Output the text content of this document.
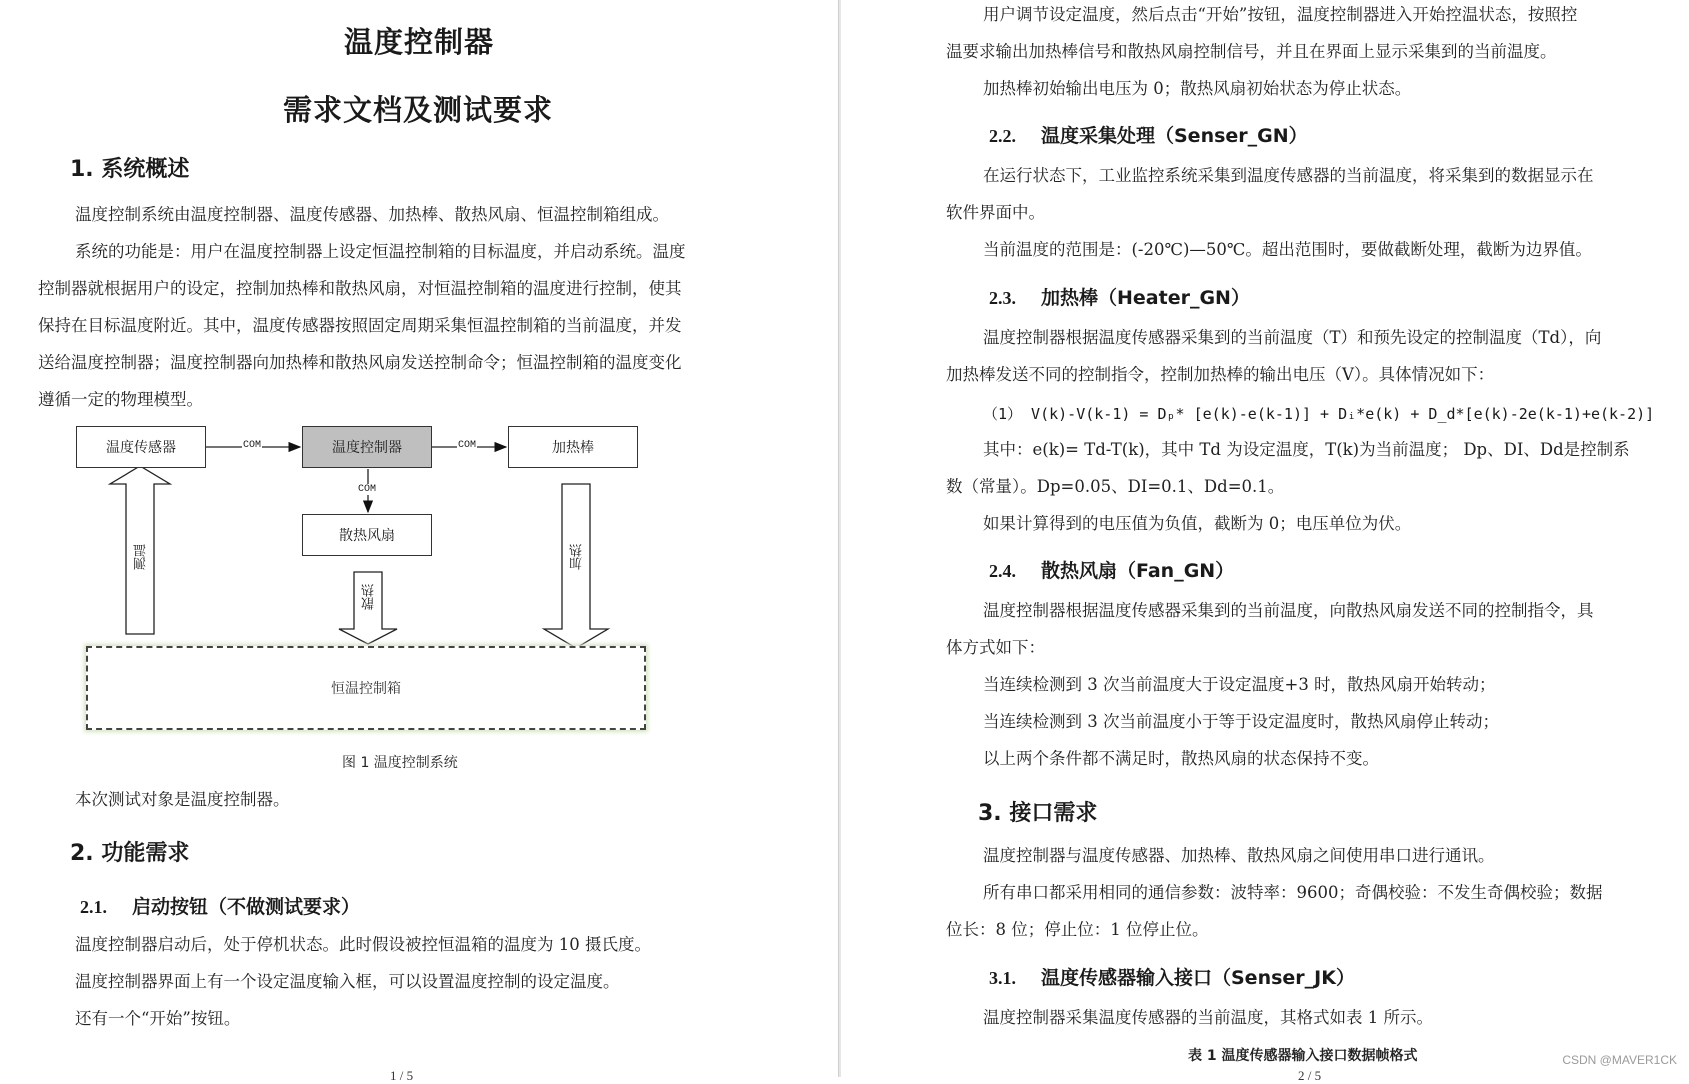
温度控制器
需求文档及测试要求
1. 系统概述
温度控制系统由温度控制器、温度传感器、加热棒、散热风扇、恒温控制箱组成。
系统的功能是：用户在温度控制器上设定恒温控制箱的目标温度，并启动系统。温度
控制器就根据用户的设定，控制加热棒和散热风扇，对恒温控制箱的温度进行控制，使其
保持在目标温度附近。其中，温度传感器按照固定周期采集恒温控制箱的当前温度，并发
送给温度控制器；温度控制器向加热棒和散热风扇发送控制命令；恒温控制箱的温度变化
遵循一定的物理模型。
温度传感器	温度控制器	加热棒
散热风扇
恒温控制箱
COM	COM
COM
测温
散热
加热
图 1 温度控制系统
本次测试对象是温度控制器。
2. 功能需求
2.1. 启动按钮（不做测试要求）
温度控制器启动后，处于停机状态。此时假设被控恒温箱的温度为 10 摄氏度。
温度控制器界面上有一个设定温度输入框，可以设置温度控制的设定温度。
还有一个“开始”按钮。
1 / 5
用户调节设定温度，然后点击“开始”按钮，温度控制器进入开始控温状态，按照控
温要求输出加热棒信号和散热风扇控制信号，并且在界面上显示采集到的当前温度。
加热棒初始输出电压为 0；散热风扇初始状态为停止状态。
2.2. 温度采集处理（Senser_GN）
在运行状态下，工业监控系统采集到温度传感器的当前温度，将采集到的数据显示在
软件界面中。
当前温度的范围是：(-20℃)—50℃。超出范围时，要做截断处理，截断为边界值。
2.3. 加热棒（Heater_GN）
温度控制器根据温度传感器采集到的当前温度（T）和预先设定的控制温度（Td），向
加热棒发送不同的控制指令，控制加热棒的输出电压（V）。具体情况如下：
（1） V(k)-V(k-1) = Dₚ* [e(k)-e(k-1)] + Dᵢ*e(k) + D_d*[e(k)-2e(k-1)+e(k-2)]
其中：e(k)= Td-T(k)，其中 Td 为设定温度，T(k)为当前温度； Dp、DI、Dd是控制系
数（常量）。Dp=0.05、DI=0.1、Dd=0.1。
如果计算得到的电压值为负值，截断为 0；电压单位为伏。
2.4. 散热风扇（Fan_GN）
温度控制器根据温度传感器采集到的当前温度，向散热风扇发送不同的控制指令，具
体方式如下：
当连续检测到 3 次当前温度大于设定温度+3 时，散热风扇开始转动；
当连续检测到 3 次当前温度小于等于设定温度时，散热风扇停止转动；
以上两个条件都不满足时，散热风扇的状态保持不变。
3. 接口需求
温度控制器与温度传感器、加热棒、散热风扇之间使用串口进行通讯。
所有串口都采用相同的通信参数：波特率：9600；奇偶校验：不发生奇偶校验；数据
位长：8 位；停止位：1 位停止位。
3.1. 温度传感器输入接口（Senser_JK）
温度控制器采集温度传感器的当前温度，其格式如表 1 所示。
表 1 温度传感器输入接口数据帧格式
2 / 5
CSDN @MAVER1CK
